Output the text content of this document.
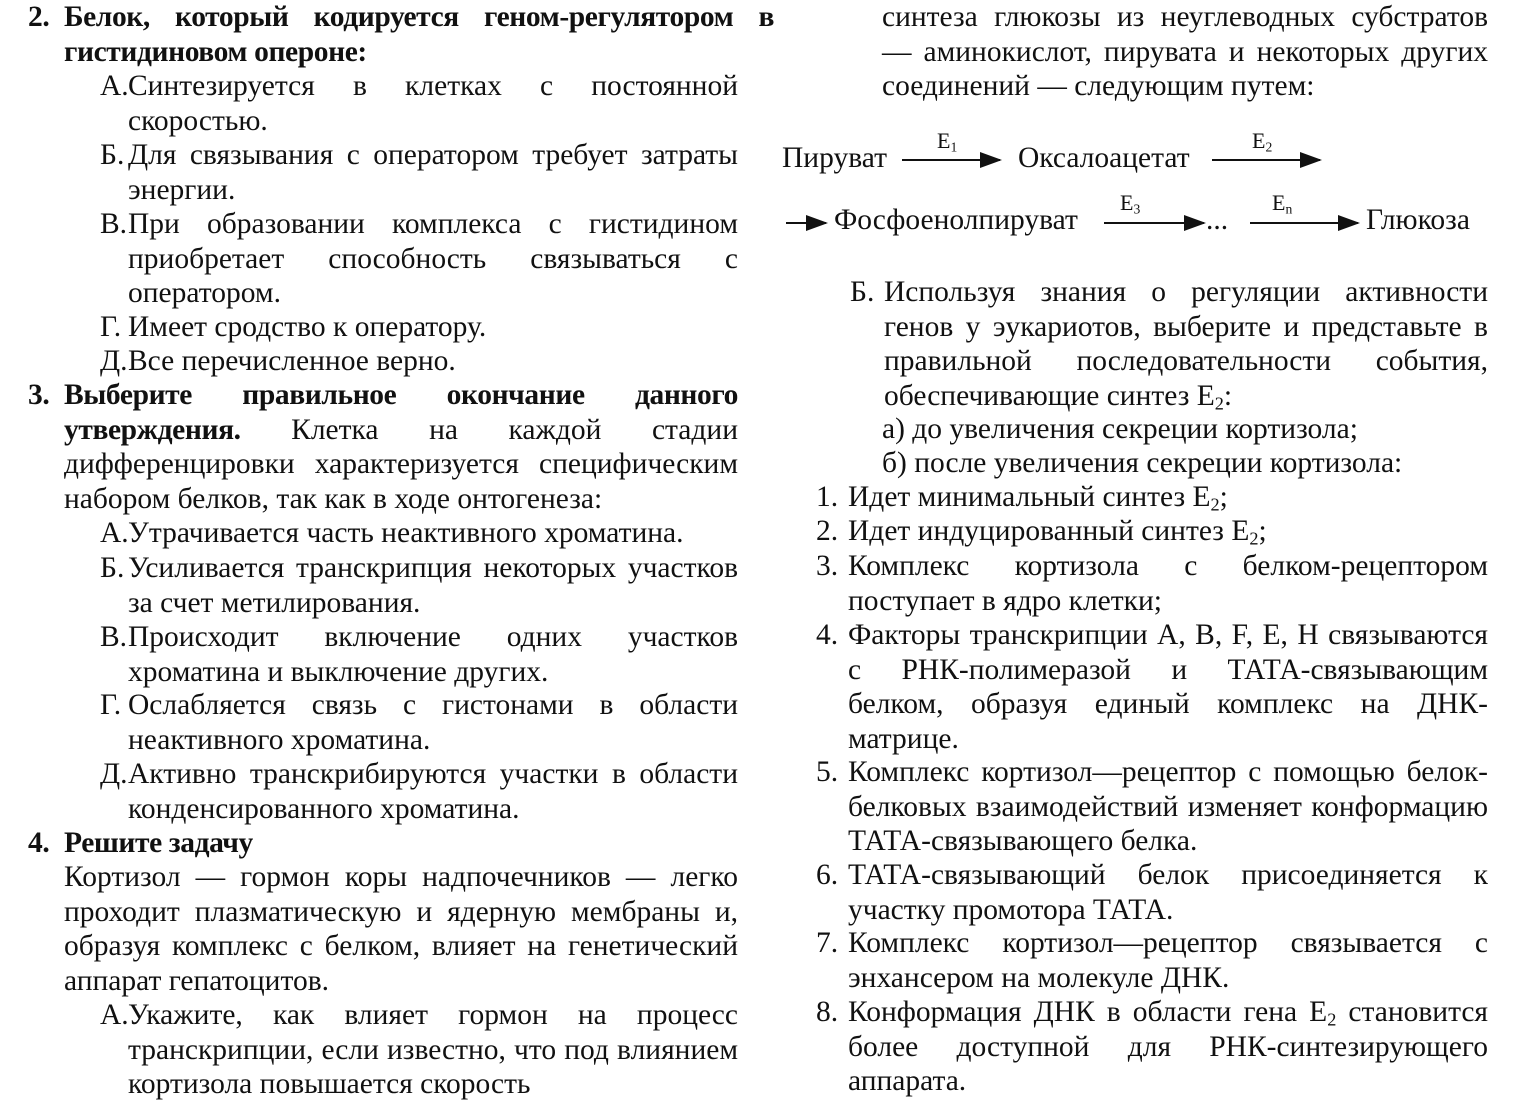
2. Белок, который кодируется геном-регулятором в гистидиновом опероне:
А. Синтезируется в клетках с постоянной скоростью.
Б. Для связывания с оператором требует затраты энергии.
В. При образовании комплекса с гистидином приобретает способность связываться с оператором.
Г. Имеет сродство к оператору.
Д. Все перечисленное верно.
3. Выберите правильное окончание данного утверждения. Клетка на каждой стадии дифференцировки характеризуется специфическим набором белков, так как в ходе онтогенеза:
А. Утрачивается часть неактивного хроматина.
Б. Усиливается транскрипция некоторых участков за счет метилирования.
В. Происходит включение одних участков хроматина и выключение других.
Г. Ослабляется связь с гистонами в области неактивного хроматина.
Д. Активно транскрибируются участки в области конденсированного хроматина.
4. Решите задачу
Кортизол — гормон коры надпочечников — легко проходит плазматическую и ядерную мембраны и, образуя комплекс с белком, влияет на генетический аппарат гепатоцитов.
А. Укажите, как влияет гормон на процесс транскрипции, если известно, что под влиянием кортизола повышается скорость
синтеза глюкозы из неуглеводных субстратов — аминокислот, пирувата и некоторых других соединений — следующим путем:
Б. Используя знания о регуляции активности генов у эукариотов, выберите и представьте в правильной последовательности события, обеспечивающие синтез $E_2$:
а) до увеличения секреции кортизола;
б) после увеличения секреции кортизола:
1. Идет минимальный синтез $E_2$;
2. Идет индуцированный синтез $E_2$;
3. Комплекс кортизола с белком-рецептором поступает в ядро клетки;
4. Факторы транскрипции A, B, F, E, H связываются с РНК-полимеразой и ТАТА-связывающим белком, образуя единый комплекс на ДНК-матрице.
5. Комплекс кортизол—рецептор с помощью белок-белковых взаимодействий изменяет конформацию ТАТА-связывающего белка.
6. ТАТА-связывающий белок присоединяется к участку промотора ТАТА.
7. Комплекс кортизол—рецептор связывается с энхансером на молекуле ДНК.
8. Конформация ДНК в области гена $E_2$ становится более доступной для РНК-синтезирующего аппарата.
Пируват
$E_1$ Оксалоацетат
$E_2$
Фосфоенолпируват
$E_3$ ...
$E_n$ Глюкоза
